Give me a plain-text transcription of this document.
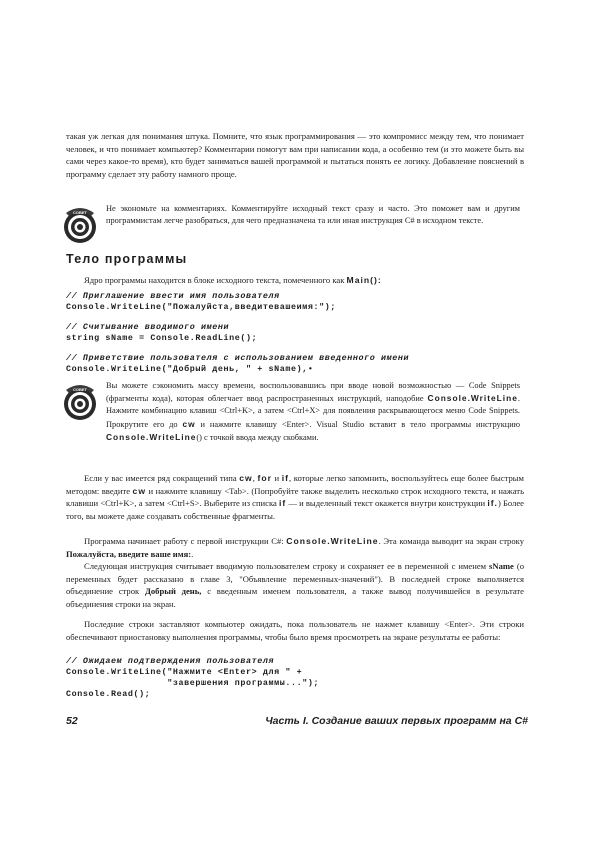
такая уж легкая для понимания штука. Помните, что язык программирования — это компромисс между тем, что понимает человек, и что понимает компьютер? Комментарии помогут вам при написании кода, а особенно тем (и это можете быть вы сами через какое-то время), кто будет заниматься вашей программой и пытаться понять ее логику. Добавление пояснений в программу сделает эту работу намного проще.

СОВЕТ Не экономьте на комментариях. Комментируйте исходный текст сразу и часто. Это поможет вам и другим программистам легче разобраться, для чего предназначена та или иная инструкция C# в исходном тексте.

Тело программы

Ядро программы находится в блоке исходного текста, помеченного как Main():

// Приглашение ввести имя пользователя
Console.WriteLine("Пожалуйста,введитевашеимя:");
// Считывание вводимого имени
string sName = Console.ReadLine();
// Приветствие пользователя с использованием введенного имени
Console.WriteLine("Добрый день, " + sName),•
СОВЕТ Вы можете сэкономить массу времени, воспользовавшись при вводе новой возможностью — Code Snippets (фрагменты кода), которая облегчает ввод распространенных инструкций, наподобие Console.WriteLine. Нажмите комбинацию клавиш <Ctrl+K>, а затем <Ctrl+X> для появления раскрывающегося меню Code Snippets. Прокрутите его до cw и нажмите клавишу <Enter>. Visual Studio вставит в тело программы инструкцию Console.WriteLine() с точкой ввода между скобками.

Если у вас имеется ряд сокращений типа cw, for и if, которые легко запомнить, воспользуйтесь еще более быстрым методом: введите cw и нажмите клавишу <Tab>. (Попробуйте также выделить несколько строк исходного текста, и нажать клавиши <Ctrl+K>, а затем <Ctrl+S>. Выберите из списка if — и выделенный текст окажется внутри конструкции if.) Более того, вы можете даже создавать собственные фрагменты.

Программа начинает работу с первой инструкции C#: Console.WriteLine. Эта команда выводит на экран строку Пожалуйста, введите ваше имя:.

Следующая инструкция считывает вводимую пользователем строку и сохраняет ее в переменной с именем sName (о переменных будет рассказано в главе 3, "Объявление переменных-значений"). В последней строке выполняется объединение строк Добрый день, с введенным именем пользователя, а также вывод получившейся в результате объединения строки на экран.

Последние строки заставляют компьютер ожидать, пока пользователь не нажмет клавишу <Enter>. Эти строки обеспечивают приостановку выполнения программы, чтобы было время просмотреть на экране результаты ее работы:

// Ожидаем подтверждения пользователя
Console.WriteLine("Нажмите <Enter> для " +
"завершения программы...");
Console.Read();
52	Часть I. Создание ваших первых программ на C#
